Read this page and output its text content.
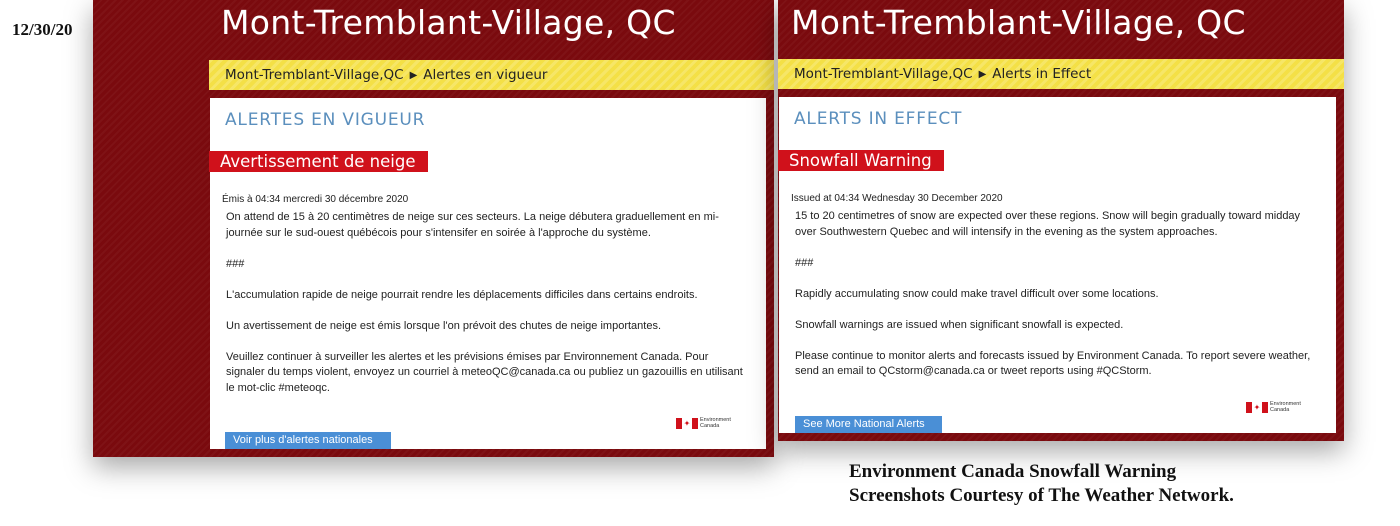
12/30/20	Mont-Tremblant-Village, QC
Mont-Tremblant-Village,QC ▶ Alertes en vigueur
ALERTES EN VIGUEUR
Avertissement de neige
Émis à 04:34 mercredi 30 décembre 2020

On attend de 15 à 20 centimètres de neige sur ces secteurs. La neige débutera graduellement en mi-journée sur le sud-ouest québécois pour s'intensifer en soirée à l'approche du système.

###

L'accumulation rapide de neige pourrait rendre les déplacements difficiles dans certains endroits.

Un avertissement de neige est émis lorsque l'on prévoit des chutes de neige importantes.

Veuillez continuer à surveiller les alertes et les prévisions émises par Environnement Canada. Pour signaler du temps violent, envoyez un courriel à meteoQC@canada.ca ou publiez un gazouillis en utilisant le mot-clic #meteoqc.

✦	Environment
Canada
Voir plus d'alertes nationales
Mont-Tremblant-Village, QC
Mont-Tremblant-Village,QC ▶ Alerts in Effect
ALERTS IN EFFECT
Snowfall Warning
Issued at 04:34 Wednesday 30 December 2020

15 to 20 centimetres of snow are expected over these regions. Snow will begin gradually toward midday over Southwestern Quebec and will intensify in the evening as the system approaches.

###

Rapidly accumulating snow could make travel difficult over some locations.

Snowfall warnings are issued when significant snowfall is expected.

Please continue to monitor alerts and forecasts issued by Environment Canada. To report severe weather, send an email to QCstorm@canada.ca or tweet reports using #QCStorm.

✦	Environment
Canada
See More National Alerts
Environment Canada Snowfall Warning
Screenshots Courtesy of The Weather Network.
